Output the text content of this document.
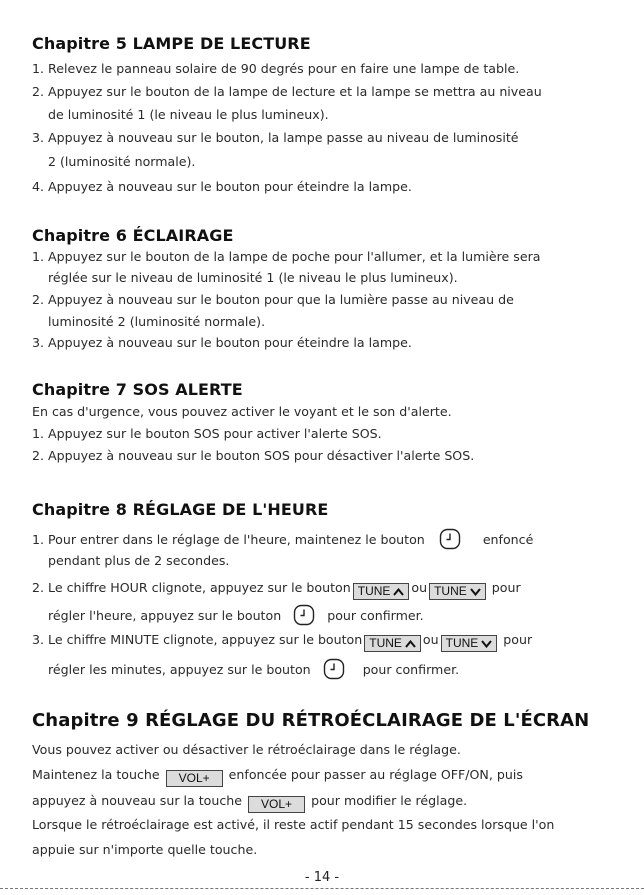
Chapitre 5 LAMPE DE LECTURE
1. Relevez le panneau solaire de 90 degrés pour en faire une lampe de table.
2. Appuyez sur le bouton de la lampe de lecture et la lampe se mettra au niveau
de luminosité 1 (le niveau le plus lumineux).
3. Appuyez à nouveau sur le bouton, la lampe passe au niveau de luminosité
2 (luminosité normale).
4. Appuyez à nouveau sur le bouton pour éteindre la lampe.
Chapitre 6 ÉCLAIRAGE
1. Appuyez sur le bouton de la lampe de poche pour l'allumer, et la lumière sera
réglée sur le niveau de luminosité 1 (le niveau le plus lumineux).
2. Appuyez à nouveau sur le bouton pour que la lumière passe au niveau de
luminosité 2 (luminosité normale).
3. Appuyez à nouveau sur le bouton pour éteindre la lampe.
Chapitre 7 SOS ALERTE
En cas d'urgence, vous pouvez activer le voyant et le son d'alerte.
1. Appuyez sur le bouton SOS pour activer l'alerte SOS.
2. Appuyez à nouveau sur le bouton SOS pour désactiver l'alerte SOS.
Chapitre 8 RÉGLAGE DE L'HEURE
1. Pour entrer dans le réglage de l'heure, maintenez le bouton	enfoncé
pendant plus de 2 secondes.
2. Le chiffre HOUR clignote, appuyez sur le bouton TUNE ou TUNE pour
régler l'heure, appuyez sur le bouton	pour confirmer.
3. Le chiffre MINUTE clignote, appuyez sur le bouton TUNE ou TUNE pour
régler les minutes, appuyez sur le bouton	pour confirmer.
Chapitre 9 RÉGLAGE DU RÉTROÉCLAIRAGE DE L'ÉCRAN
Vous pouvez activer ou désactiver le rétroéclairage dans le réglage.
Maintenez la touche VOL+ enfoncée pour passer au réglage OFF/ON, puis
appuyez à nouveau sur la touche VOL+ pour modifier le réglage.
Lorsque le rétroéclairage est activé, il reste actif pendant 15 secondes lorsque l'on
appuie sur n'importe quelle touche.
- 14 -
